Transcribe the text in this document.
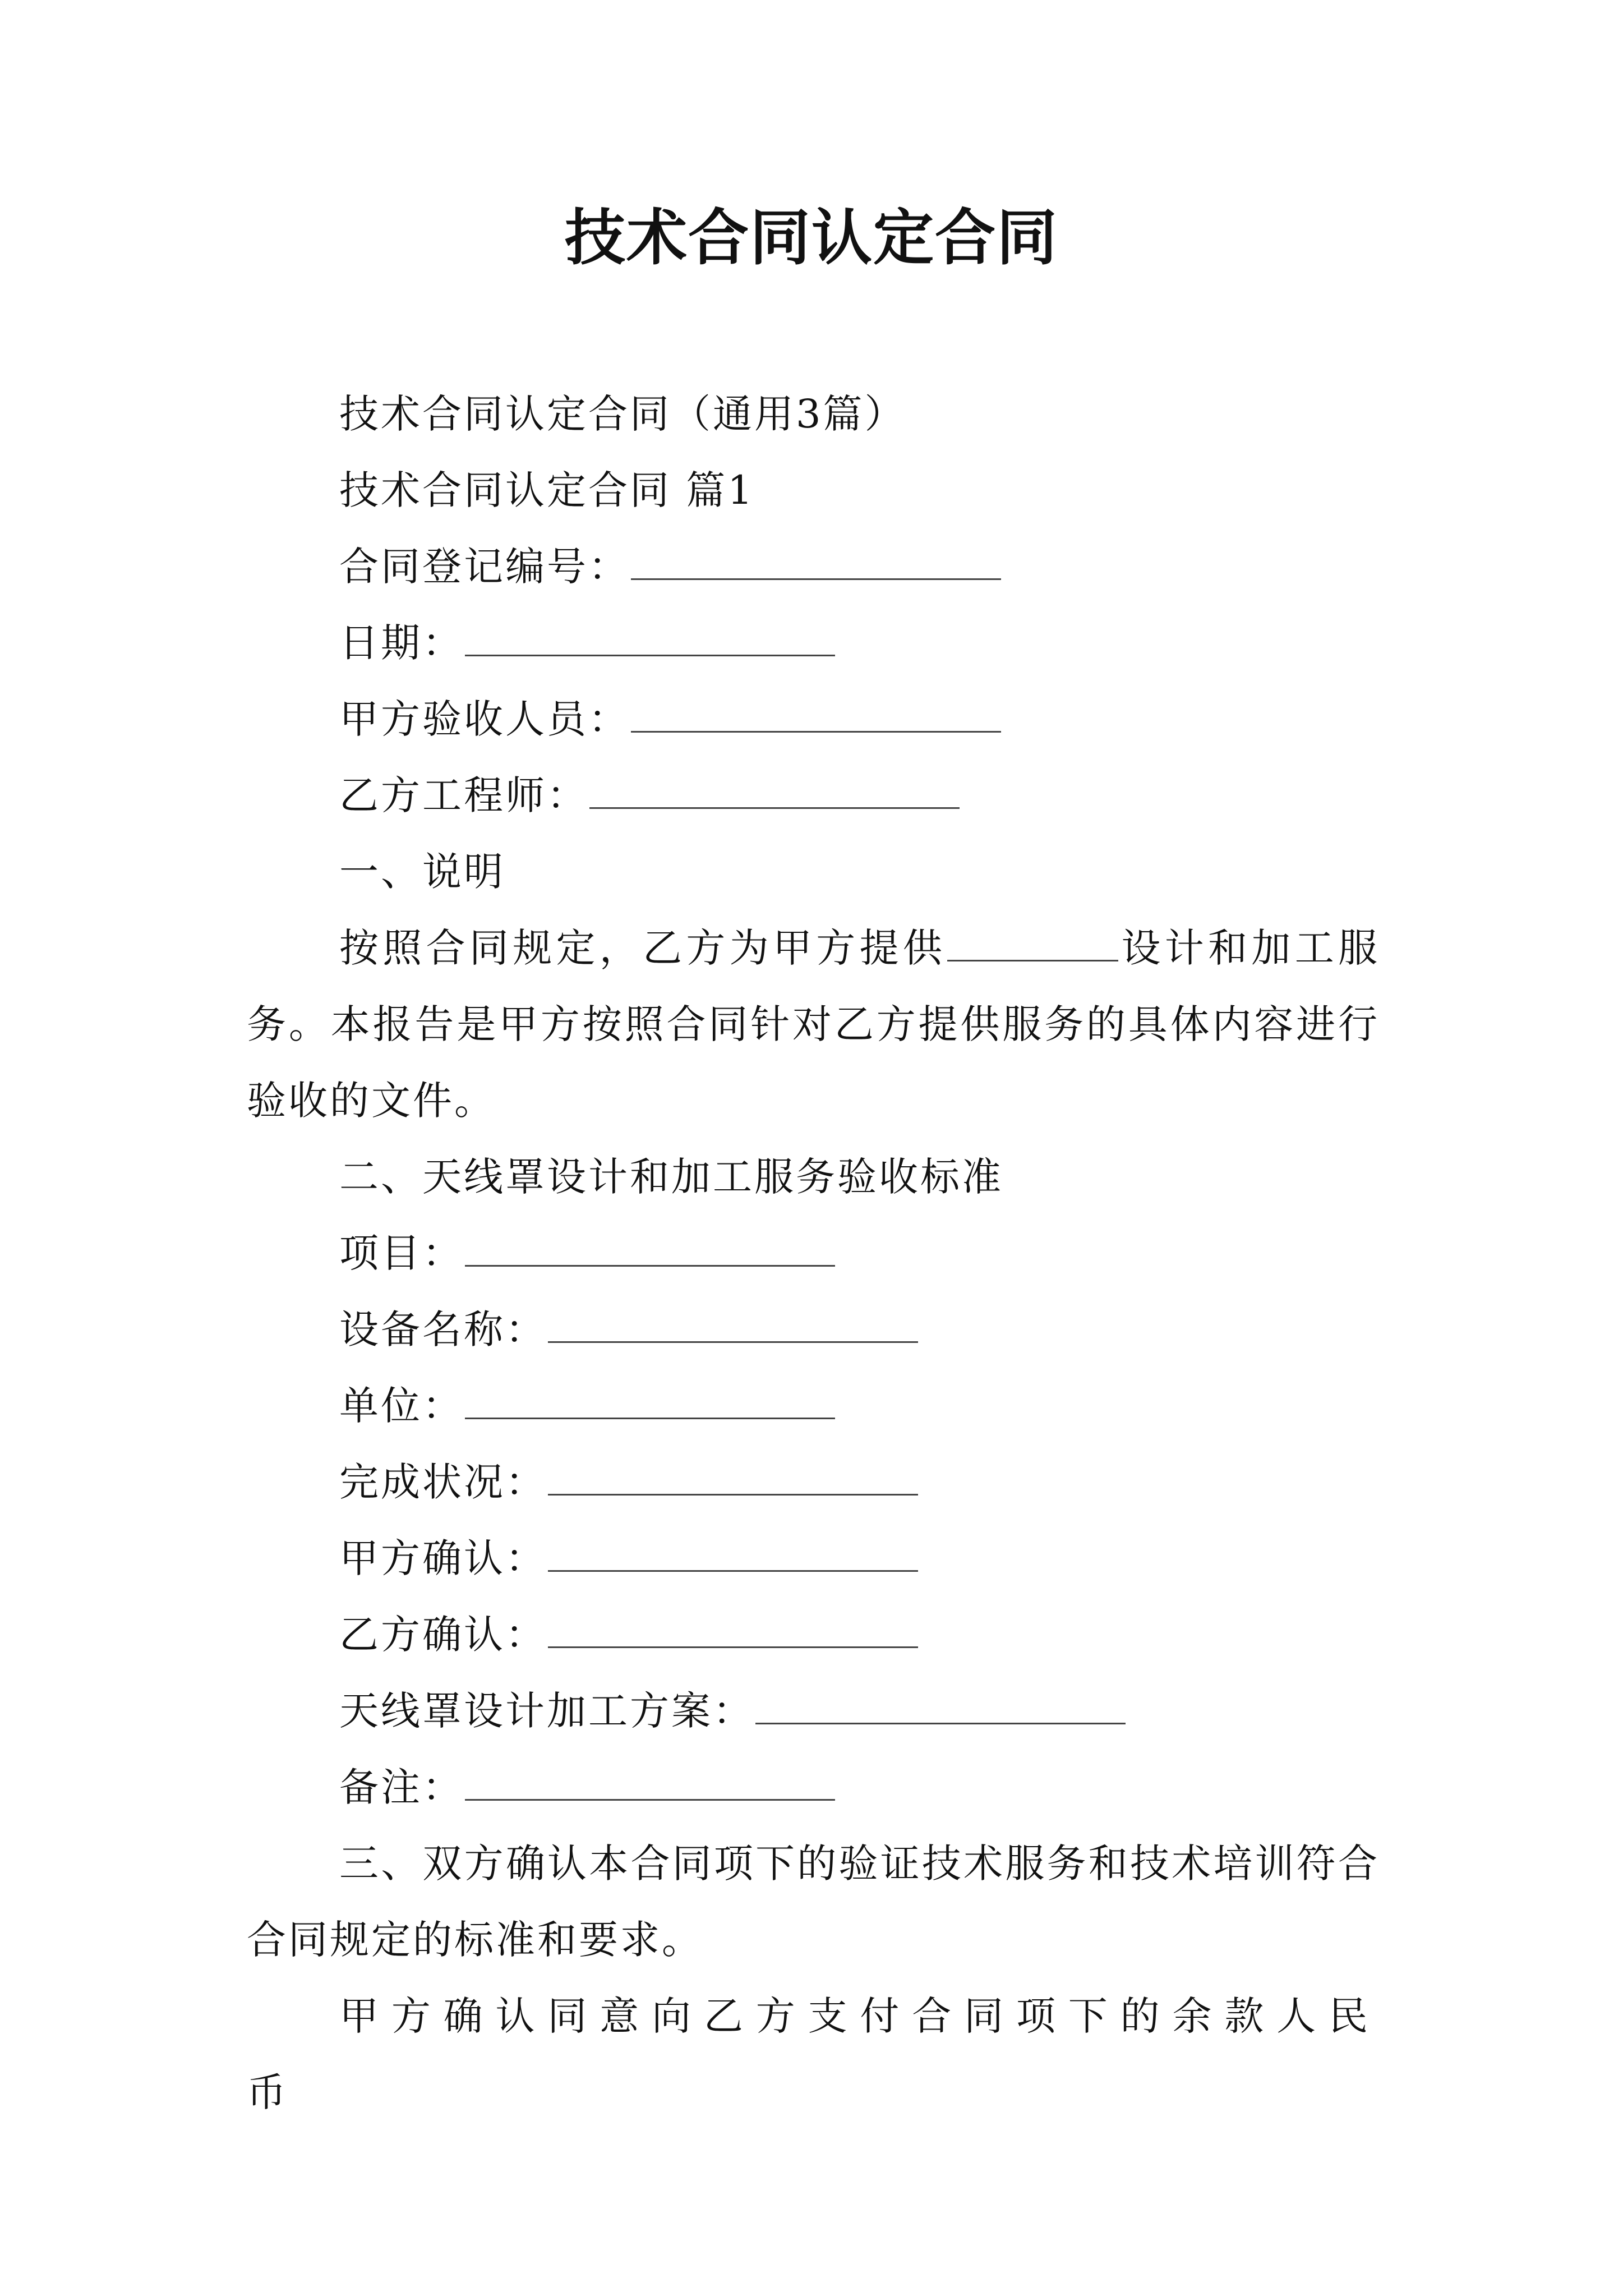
技术合同认定合同

技术合同认定合同（通用3篇）

技术合同认定合同 篇1

合同登记编号：

日期：

甲方验收人员：

乙方工程师：

一、说明

按照合同规定，乙方为甲方提供	设计和加工服务。本报告是甲方按照合同针对乙方提供服务的具体内容进行验收的文件。

二、天线罩设计和加工服务验收标准

项目：

设备名称：

单位：

完成状况：

甲方确认：

乙方确认：

天线罩设计加工方案：

备注：

三、双方确认本合同项下的验证技术服务和技术培训符合合同规定的标准和要求。

甲方确认同意向乙方支付合同项下的余款人民币
